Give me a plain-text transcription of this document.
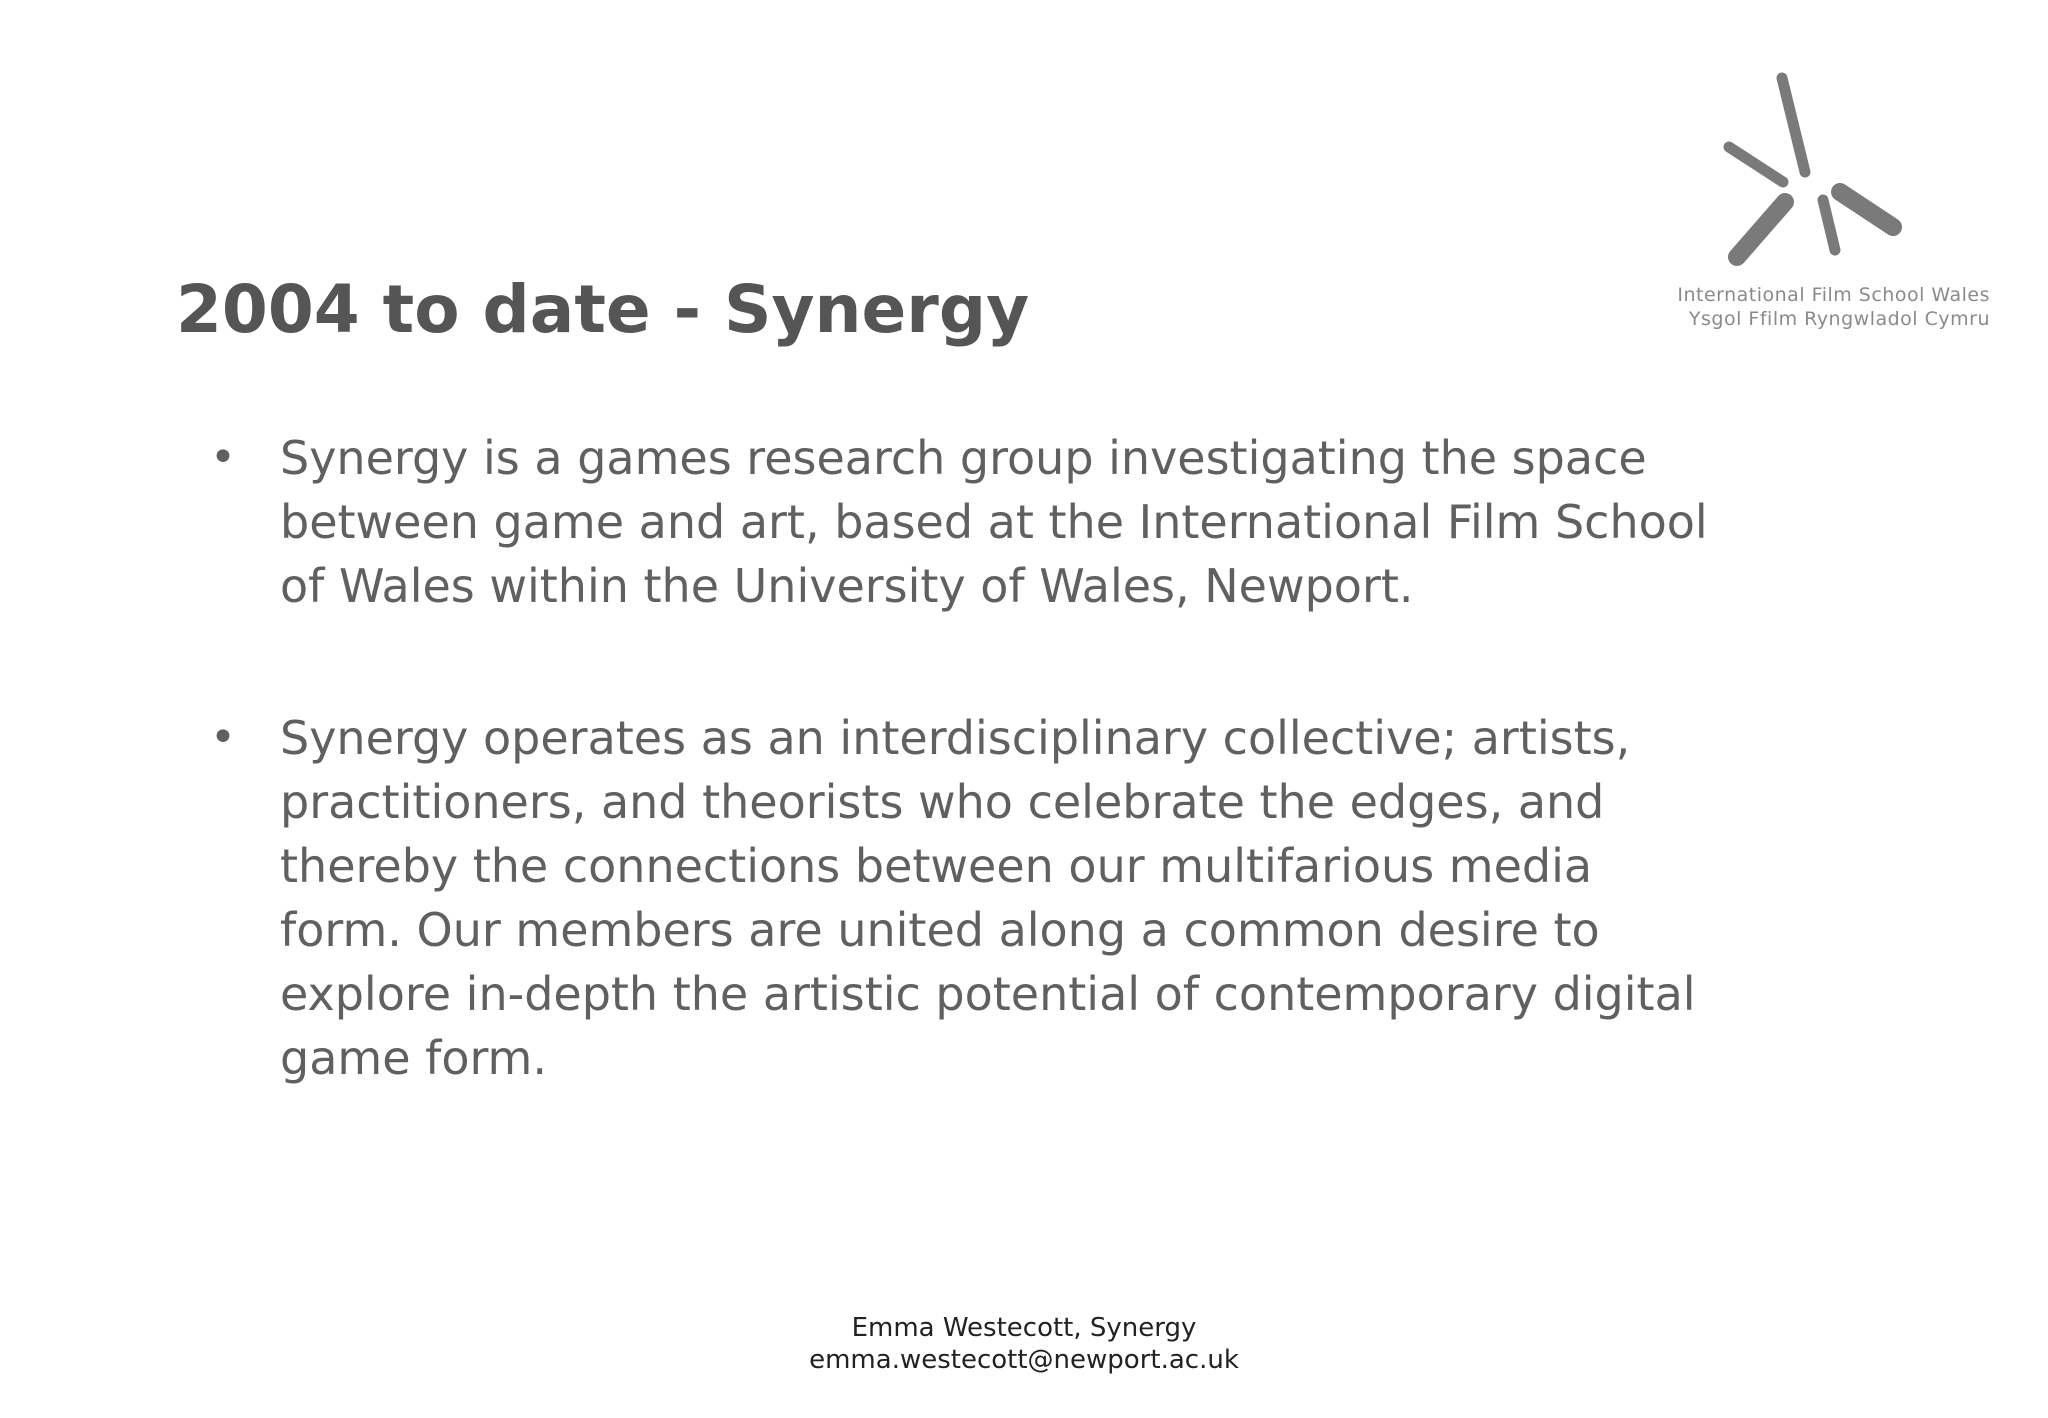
International Film School Wales
Ysgol Ffilm Ryngwladol Cymru
2004 to date - Synergy
• Synergy is a games research group investigating the space
between game and art, based at the International Film School
of Wales within the University of Wales, Newport.
• Synergy operates as an interdisciplinary collective; artists,
practitioners, and theorists who celebrate the edges, and
thereby the connections between our multifarious media
form. Our members are united along a common desire to
explore in-depth the artistic potential of contemporary digital
game form.
Emma Westecott, Synergy
emma.westecott@newport.ac.uk
